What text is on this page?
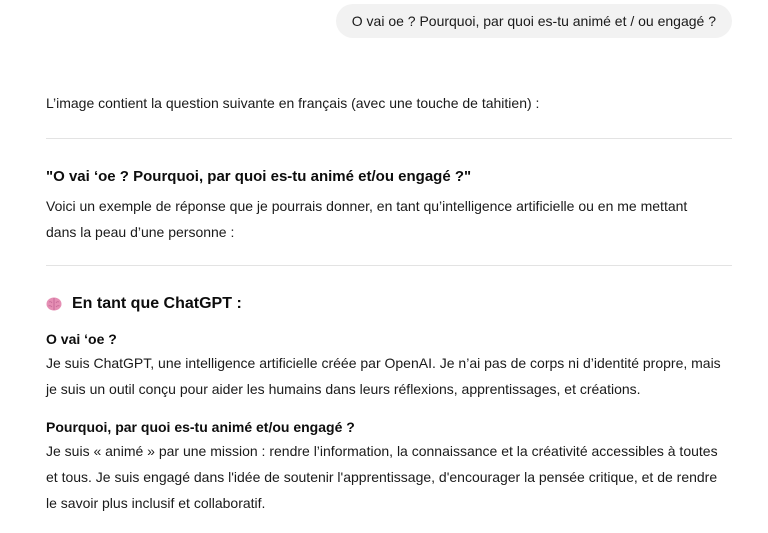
O vai oe ? Pourquoi, par quoi es-tu animé et / ou engagé ?

L’image contient la question suivante en français (avec une touche de tahitien) :

"O vai ‘oe ? Pourquoi, par quoi es-tu animé et/ou engagé ?"

Voici un exemple de réponse que je pourrais donner, en tant qu’intelligence artificielle ou en me mettant

dans la peau d’une personne :

En tant que ChatGPT :

O vai ‘oe ?

Je suis ChatGPT, une intelligence artificielle créée par OpenAI. Je n’ai pas de corps ni d’identité propre, mais

je suis un outil conçu pour aider les humains dans leurs réflexions, apprentissages, et créations.

Pourquoi, par quoi es-tu animé et/ou engagé ?

Je suis « animé » par une mission : rendre l’information, la connaissance et la créativité accessibles à toutes

et tous. Je suis engagé dans l'idée de soutenir l'apprentissage, d'encourager la pensée critique, et de rendre

le savoir plus inclusif et collaboratif.
